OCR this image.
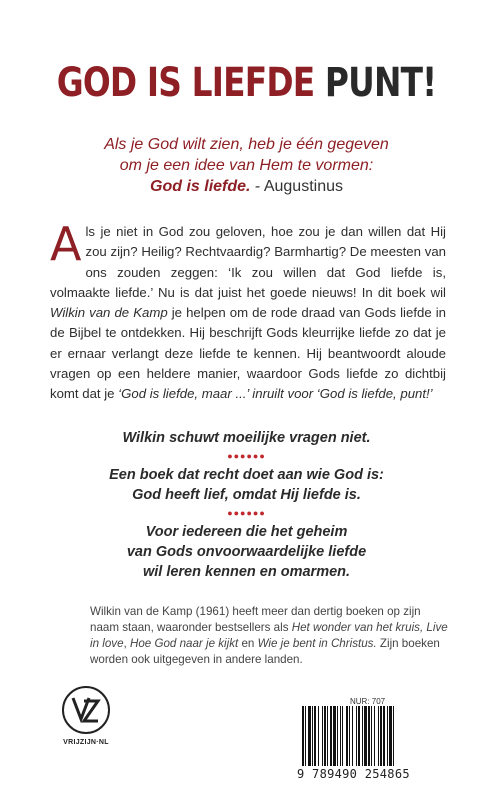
GOD IS LIEFDE PUNT!
Als je God wilt zien, heb je één gegeven
om je een idee van Hem te vormen:
God is liefde. - Augustinus
Als je niet in God zou geloven, hoe zou je dan willen dat Hij zou zijn? Heilig? Rechtvaardig? Barmhartig? De meesten van ons zouden zeggen: ‘Ik zou willen dat God liefde is, volmaakte liefde.’ Nu is dat juist het goede nieuws! In dit boek wil Wilkin van de Kamp je helpen om de rode draad van Gods liefde in de Bijbel te ontdekken. Hij beschrijft Gods kleurrijke liefde zo dat je er ernaar verlangt deze liefde te kennen. Hij beantwoordt aloude vragen op een heldere manier, waardoor Gods liefde zo dichtbij komt dat je ‘God is liefde, maar ...’ inruilt voor ‘God is liefde, punt!’

Wilkin schuwt moeilijke vragen niet.

●●●●●●

Een boek dat recht doet aan wie God is:

God heeft lief, omdat Hij liefde is.

●●●●●●

Voor iedereen die het geheim

van Gods onvoorwaardelijke liefde

wil leren kennen en omarmen.

Wilkin van de Kamp (1961) heeft meer dan dertig boeken op zijn naam staan, waaronder bestsellers als Het wonder van het kruis, Live in love, Hoe God naar je kijkt en Wie je bent in Christus. Zijn boeken worden ook uitgegeven in andere landen.
VRIJZIJN·NL
NUR: 707
9 789490 254865
